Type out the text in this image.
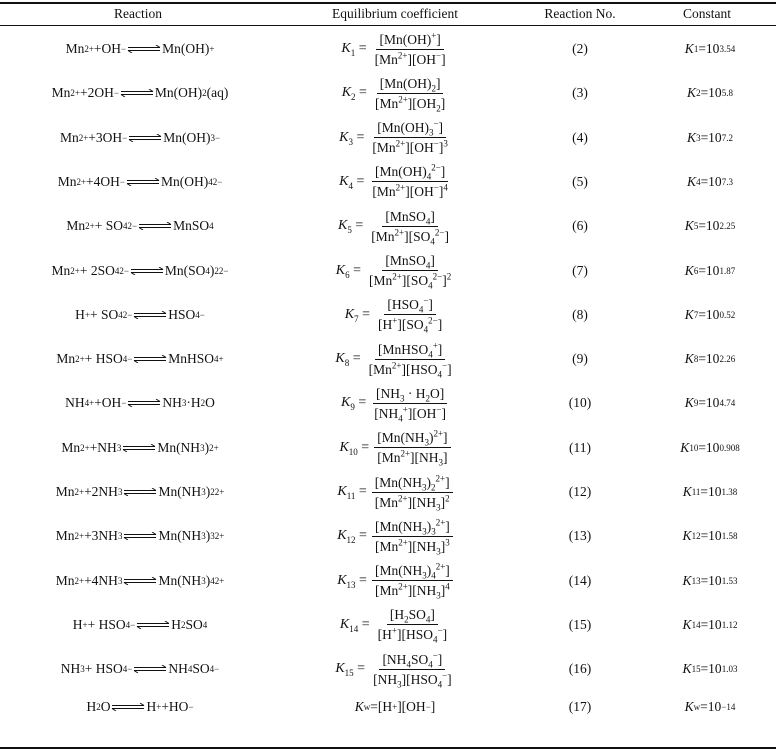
Reaction	Equilibrium coefficient	Reaction No.	Constant
Mn 2+ +OH − ⇌Mn(OH) +	$K_1 = \frac{[Mn(OH)^+]}{[Mn^{2+}][OH^-]}$	(2)	K 1 =10 3.54
Mn 2+ +2OH − ⇌Mn(OH) 2 (aq)	$K_2 = \frac{[Mn(OH)_2]}{[Mn^{2+}][OH_2]}$	(3)	K 2 =10 5.8
Mn 2+ +3OH − ⇌Mn(OH) 3 −	$K_3 = \frac{[Mn(OH)_3^-]}{[Mn^{2+}][OH^-]^3}$	(4)	K 3 =10 7.2
Mn 2+ +4OH − ⇌Mn(OH) 4 2−	$K_4 = \frac{[Mn(OH)_4^{2-}]}{[Mn^{2+}][OH^-]^4}$	(5)	K 4 =10 7.3
Mn 2+ + SO 4 2− ⇌MnSO 4	$K_5 = \frac{[MnSO_4]}{[Mn^{2+}][SO_4^{2-}]}$	(6)	K 5 =10 2.25
Mn 2+ + 2SO 4 2− ⇌Mn(SO 4 ) 2 2−	$K_6 = \frac{[MnSO_4]}{[Mn^{2+}][SO_4^{2-}]^2}$	(7)	K 6 =10 1.87
H + + SO 4 2− ⇌HSO 4 −	$K_7 = \frac{[HSO_4^-]}{[H^+][SO_4^{2-}]}$	(8)	K 7 =10 0.52
Mn 2+ + HSO 4 − ⇌MnHSO 4 +	$K_8 = \frac{[MnHSO_4^+]}{[Mn^{2+}][HSO_4^-]}$	(9)	K 8 =10 2.26
NH 4 + +OH − ⇌NH 3 ·H 2 O	$K_9 = \frac{[NH_3 \cdot H_2O]}{[NH_4^+][OH^-]}$	(10)	K 9 =10 4.74
Mn 2+ +NH 3 ⇌Mn(NH 3 ) 2+	$K_{10} = \frac{[Mn(NH_3)^{2+}]}{[Mn^{2+}][NH_3]}$	(11)	K 10 =10 0.908
Mn 2+ +2NH 3 ⇌Mn(NH 3 ) 2 2+	$K_{11} = \frac{[Mn(NH_3)_2^{2+}]}{[Mn^{2+}][NH_3]^2}$	(12)	K 11 =10 1.38
Mn 2+ +3NH 3 ⇌Mn(NH 3 ) 3 2+	$K_{12} = \frac{[Mn(NH_3)_3^{2+}]}{[Mn^{2+}][NH_3]^3}$	(13)	K 12 =10 1.58
Mn 2+ +4NH 3 ⇌Mn(NH 3 ) 4 2+	$K_{13} = \frac{[Mn(NH_3)_4^{2+}]}{[Mn^{2+}][NH_3]^4}$	(14)	K 13 =10 1.53
H + + HSO 4 − ⇌H 2 SO 4	$K_{14} = \frac{[H_2SO_4]}{[H^+][HSO_4^-]}$	(15)	K 14 =10 1.12
NH 3 + HSO 4 − ⇌NH 4 SO 4 −	$K_{15} = \frac{[NH_4SO_4^-]}{[NH_3][HSO_4^-]}$	(16)	K 15 =10 1.03
H 2 O⇌H + +HO −	K w =[H + ][OH − ]	(17)	K w =10 −14
